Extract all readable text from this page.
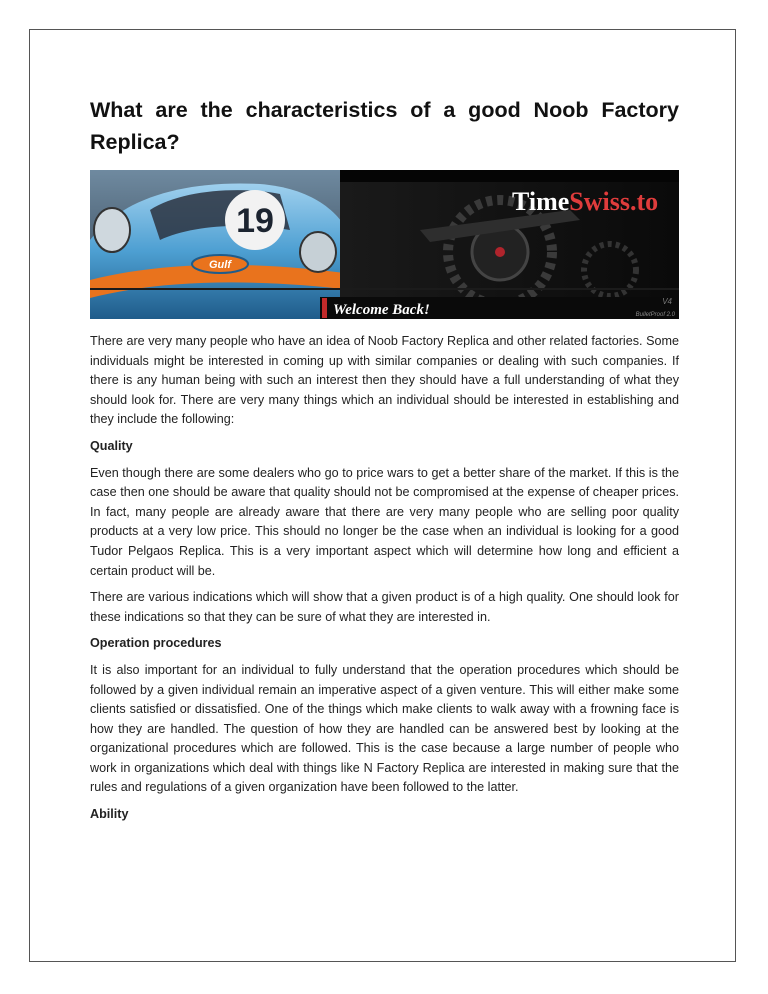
What are the characteristics of a good Noob Factory Replica?
19
Gulf
TimeSwiss.to
Welcome Back!	BulletProof 2.0
V4

There are very many people who have an idea of Noob Factory Replica and other related factories. Some individuals might be interested in coming up with similar companies or dealing with such companies. If there is any human being with such an interest then they should have a full understanding of what they should look for. There are very many things which an individual should be interested in establishing and they include the following:

Quality

Even though there are some dealers who go to price wars to get a better share of the market. If this is the case then one should be aware that quality should not be compromised at the expense of cheaper prices. In fact, many people are already aware that there are very many people who are selling poor quality products at a very low price. This should no longer be the case when an individual is looking for a good Tudor Pelgaos Replica. This is a very important aspect which will determine how long and efficient a certain product will be.

There are various indications which will show that a given product is of a high quality. One should look for these indications so that they can be sure of what they are interested in.

Operation procedures

It is also important for an individual to fully understand that the operation procedures which should be followed by a given individual remain an imperative aspect of a given venture. This will either make some clients satisfied or dissatisfied. One of the things which make clients to walk away with a frowning face is how they are handled. The question of how they are handled can be answered best by looking at the organizational procedures which are followed. This is the case because a large number of people who work in organizations which deal with things like N Factory Replica are interested in making sure that the rules and regulations of a given organization have been followed to the latter.

Ability
